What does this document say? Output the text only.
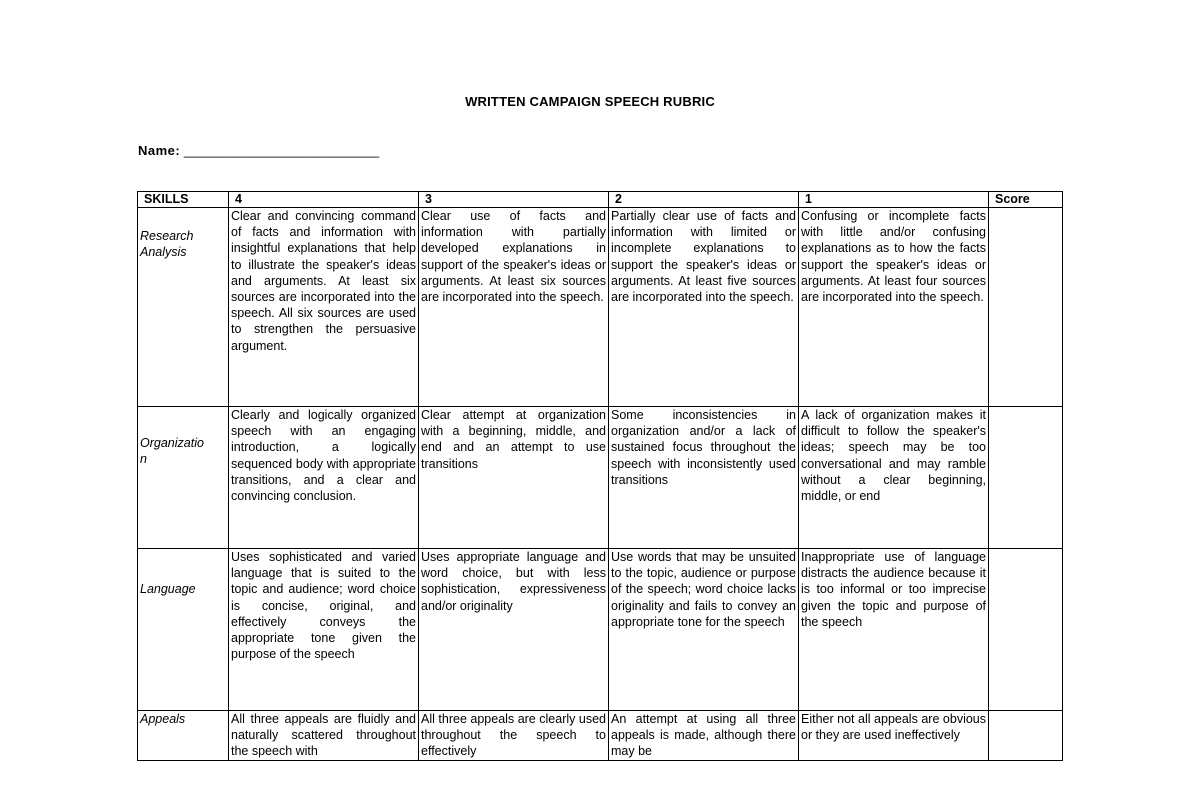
WRITTEN CAMPAIGN SPEECH RUBRIC
Name: ___________________________
SKILLS	4	3	2	1	Score

Research
Analysis	Clear and convincing command of facts and information with insightful explanations that help to illustrate the speaker's ideas and arguments. At least six sources are incorporated into the speech. All six sources are used to strengthen the persuasive argument.	Clear use of facts and information with partially developed explanations in support of the speaker's ideas or arguments. At least six sources are incorporated into the speech.	Partially clear use of facts and information with limited or incomplete explanations to support the speaker's ideas or arguments. At least five sources are incorporated into the speech.	Confusing or incomplete facts with little and/or confusing explanations as to how the facts support the speaker's ideas or arguments. At least four sources are incorporated into the speech.	

Organizatio
n	Clearly and logically organized speech with an engaging introduction, a logically sequenced body with appropriate transitions, and a clear and convincing conclusion.	Clear attempt at organization with a beginning, middle, and end and an attempt to use transitions	Some inconsistencies in organization and/or a lack of sustained focus throughout the speech with inconsistently used transitions	A lack of organization makes it difficult to follow the speaker's ideas; speech may be too conversational and may ramble without a clear beginning, middle, or end	

Language	Uses sophisticated and varied language that is suited to the topic and audience; word choice is concise, original, and effectively conveys the appropriate tone given the purpose of the speech	Uses appropriate language and word choice, but with less sophistication, expressiveness and/or originality	Use words that may be unsuited to the topic, audience or purpose of the speech; word choice lacks originality and fails to convey an appropriate tone for the speech	Inappropriate use of language distracts the audience because it is too informal or too imprecise given the topic and purpose of the speech	

Appeals	All three appeals are fluidly and naturally scattered throughout the speech with	All three appeals are clearly used throughout the speech to effectively	An attempt at using all three appeals is made, although there may be	Either not all appeals are obvious or they are used ineffectively	
